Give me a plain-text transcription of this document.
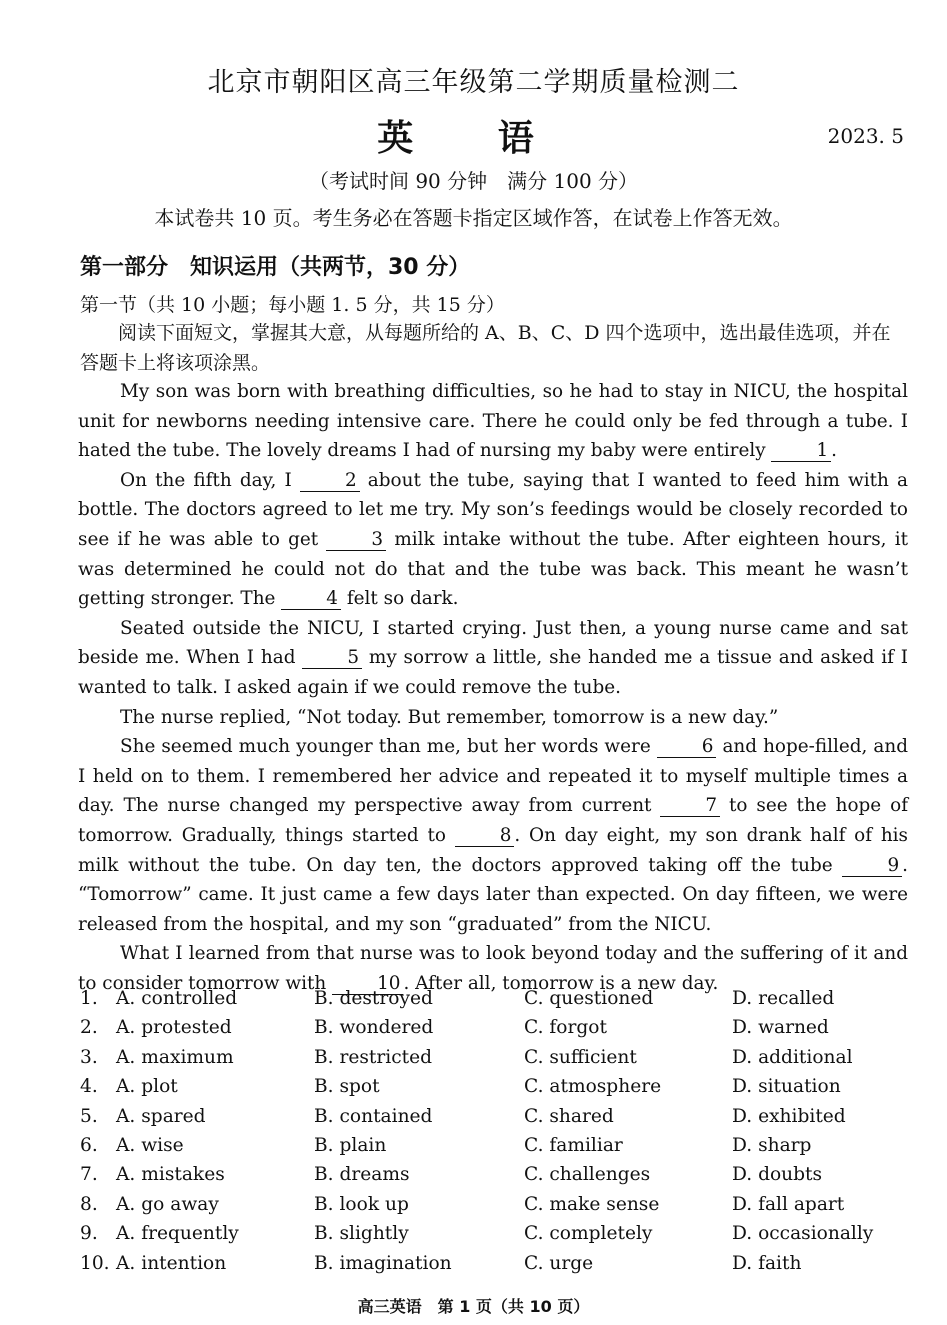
北京市朝阳区高三年级第二学期质量检测二
英 语	2023. 5
（考试时间 90 分钟　满分 100 分）
本试卷共 10 页。考生务必在答题卡指定区域作答，在试卷上作答无效。
第一部分　知识运用（共两节，30 分）
第一节（共 10 小题；每小题 1. 5 分，共 15 分）
阅读下面短文，掌握其大意，从每题所给的 A、B、C、D 四个选项中，选出最佳选项，并在答题卡上将该项涂黑。

My son was born with breathing difficulties, so he had to stay in NICU, the hospital unit for newborns needing intensive care. There he could only be fed through a tube. I hated the tube. The lovely dreams I had of nursing my baby were entirely 1 .

On the fifth day, I 2 about the tube, saying that I wanted to feed him with a bottle. The doctors agreed to let me try. My son’s feedings would be closely recorded to see if he was able to get 3 milk intake without the tube. After eighteen hours, it was determined he could not do that and the tube was back. This meant he wasn’t getting stronger. The 4 felt so dark.

Seated outside the NICU, I started crying. Just then, a young nurse came and sat beside me. When I had 5 my sorrow a little, she handed me a tissue and asked if I wanted to talk. I asked again if we could remove the tube.

The nurse replied, “Not today. But remember, tomorrow is a new day.”

She seemed much younger than me, but her words were 6 and hope-filled, and I held on to them. I remembered her advice and repeated it to myself multiple times a day. The nurse changed my perspective away from current 7 to see the hope of tomorrow. Gradually, things started to 8 . On day eight, my son drank half of his milk without the tube. On day ten, the doctors approved taking off the tube 9 . “Tomorrow” came. It just came a few days later than expected. On day fifteen, we were released from the hospital, and my son “graduated” from the NICU.

What I learned from that nurse was to look beyond today and the suffering of it and to consider tomorrow with 10 . After all, tomorrow is a new day.

1. A. controlled	B. destroyed	C. questioned	D. recalled
2. A. protested	B. wondered	C. forgot	D. warned
3. A. maximum	B. restricted	C. sufficient	D. additional
4. A. plot	B. spot	C. atmosphere	D. situation
5. A. spared	B. contained	C. shared	D. exhibited
6. A. wise	B. plain	C. familiar	D. sharp
7. A. mistakes	B. dreams	C. challenges	D. doubts
8. A. go away	B. look up	C. make sense	D. fall apart
9. A. frequently	B. slightly	C. completely	D. occasionally
10. A. intention	B. imagination	C. urge	D. faith
高三英语　第 1 页（共 10 页）
